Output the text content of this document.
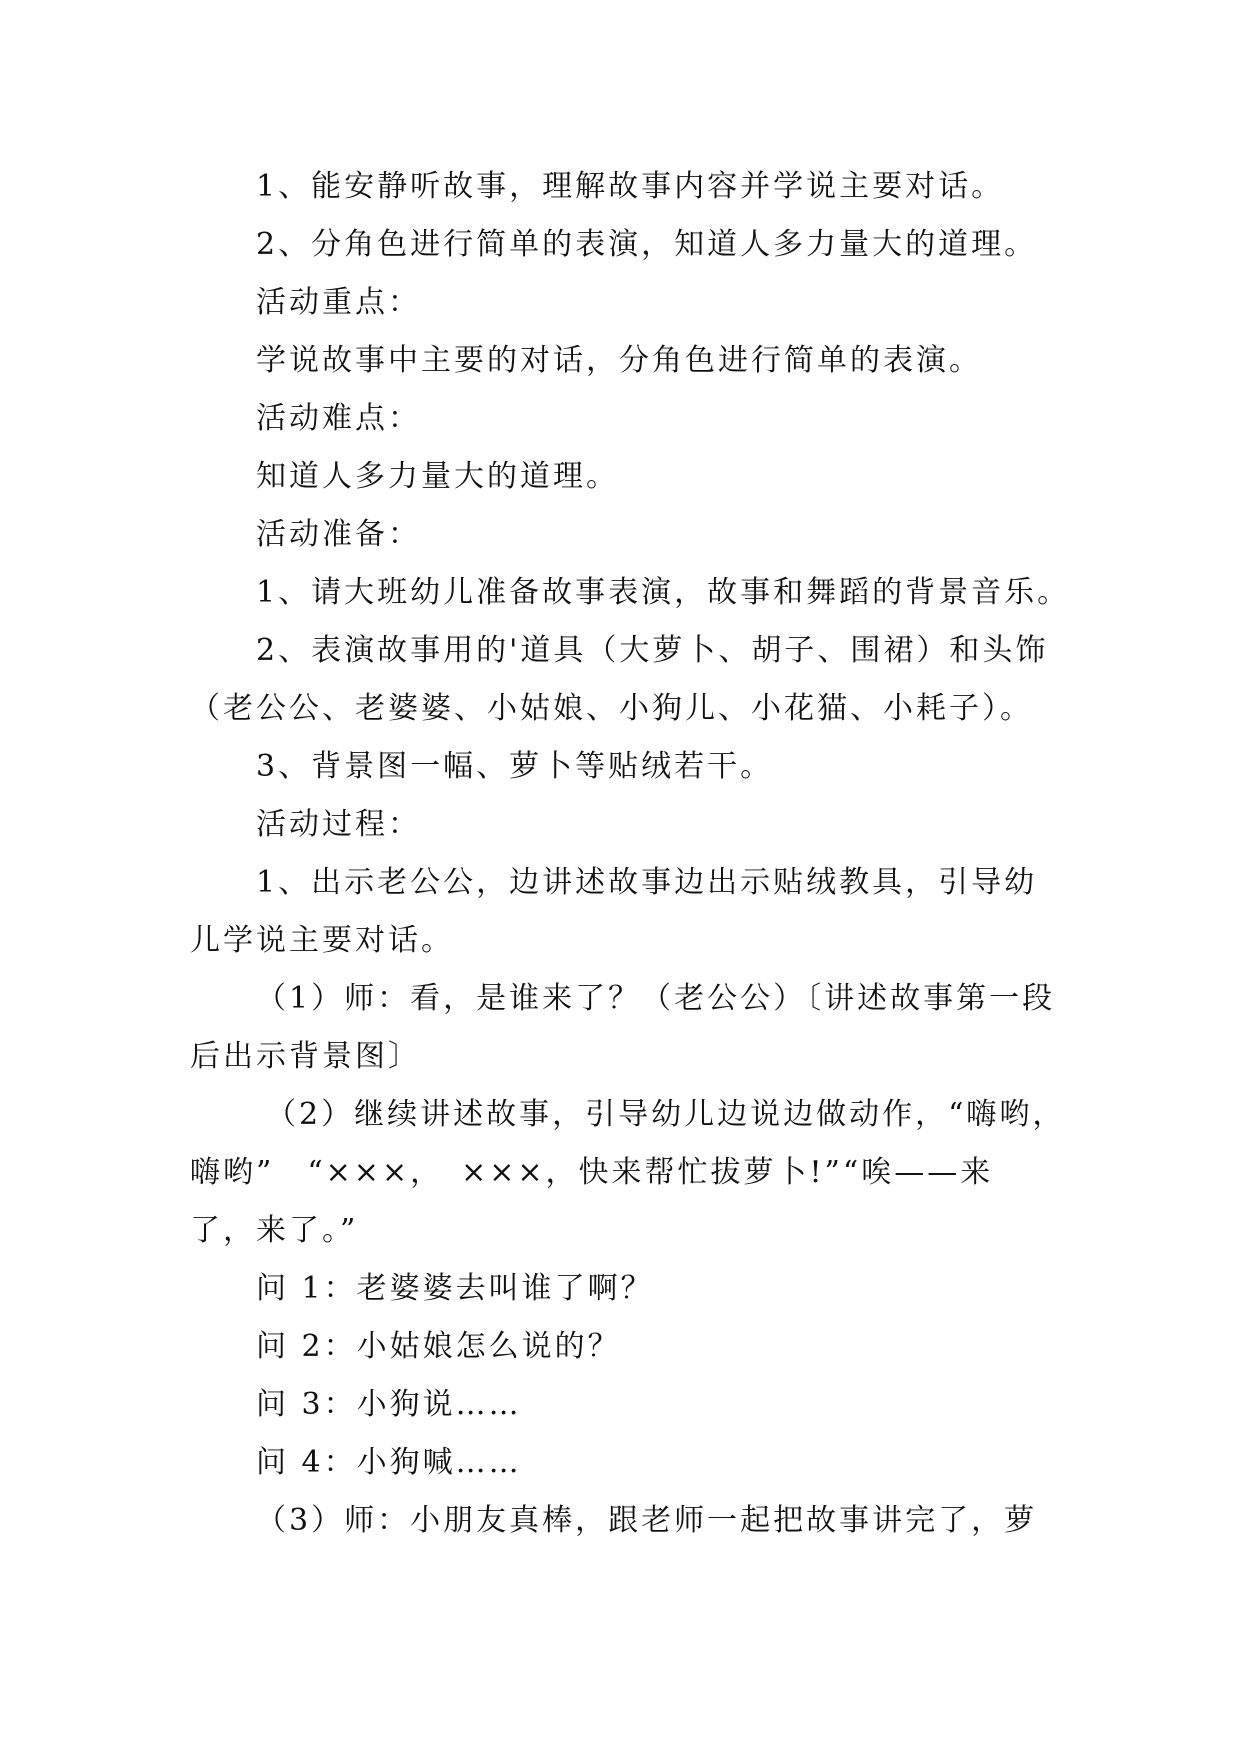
1、能安静听故事，理解故事内容并学说主要对话。
2、分角色进行简单的表演，知道人多力量大的道理。
活动重点：
学说故事中主要的对话，分角色进行简单的表演。
活动难点：
知道人多力量大的道理。
活动准备：
1、请大班幼儿准备故事表演，故事和舞蹈的背景音乐。
2、表演故事用的'道具（大萝卜、胡子、围裙）和头饰
（老公公、老婆婆、小姑娘、小狗儿、小花猫、小耗子）。
3、背景图一幅、萝卜等贴绒若干。
活动过程：
1、出示老公公，边讲述故事边出示贴绒教具，引导幼
儿学说主要对话。
（1）师：看，是谁来了？（老公公）〔讲述故事第一段
后出示背景图〕
（2）继续讲述故事，引导幼儿边说边做动作，“嗨哟，
嗨哟”　“×××，　×××，快来帮忙拔萝卜!”“唉——来
了，来了。”
问 1：老婆婆去叫谁了啊？
问 2：小姑娘怎么说的？
问 3：小狗说……
问 4：小狗喊……
（3）师：小朋友真棒，跟老师一起把故事讲完了，萝
